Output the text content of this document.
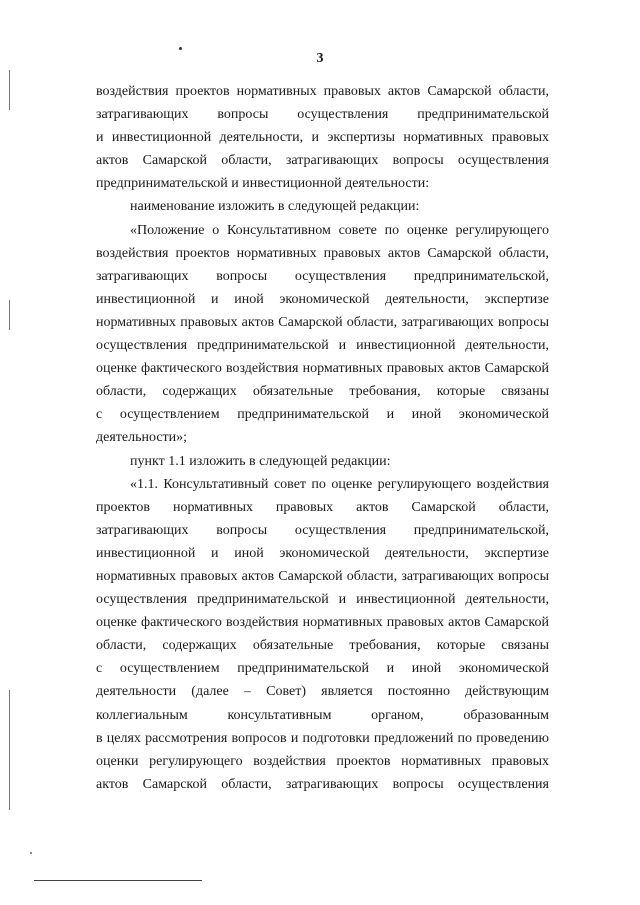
3
воздействия проектов нормативных правовых актов Самарской области,
затрагивающих вопросы осуществления предпринимательской
и инвестиционной деятельности, и экспертизы нормативных правовых
актов Самарской области, затрагивающих вопросы осуществления
предпринимательской и инвестиционной деятельности:
наименование изложить в следующей редакции:
«Положение о Консультативном совете по оценке регулирующего
воздействия проектов нормативных правовых актов Самарской области,
затрагивающих вопросы осуществления предпринимательской,
инвестиционной и иной экономической деятельности, экспертизе
нормативных правовых актов Самарской области, затрагивающих вопросы
осуществления предпринимательской и инвестиционной деятельности,
оценке фактического воздействия нормативных правовых актов Самарской
области, содержащих обязательные требования, которые связаны
с осуществлением предпринимательской и иной экономической
деятельности»;
пункт 1.1 изложить в следующей редакции:
«1.1. Консультативный совет по оценке регулирующего воздействия
проектов нормативных правовых актов Самарской области,
затрагивающих вопросы осуществления предпринимательской,
инвестиционной и иной экономической деятельности, экспертизе
нормативных правовых актов Самарской области, затрагивающих вопросы
осуществления предпринимательской и инвестиционной деятельности,
оценке фактического воздействия нормативных правовых актов Самарской
области, содержащих обязательные требования, которые связаны
с осуществлением предпринимательской и иной экономической
деятельности (далее – Совет) является постоянно действующим
коллегиальным консультативным органом, образованным
в целях рассмотрения вопросов и подготовки предложений по проведению
оценки регулирующего воздействия проектов нормативных правовых
актов Самарской области, затрагивающих вопросы осуществления
